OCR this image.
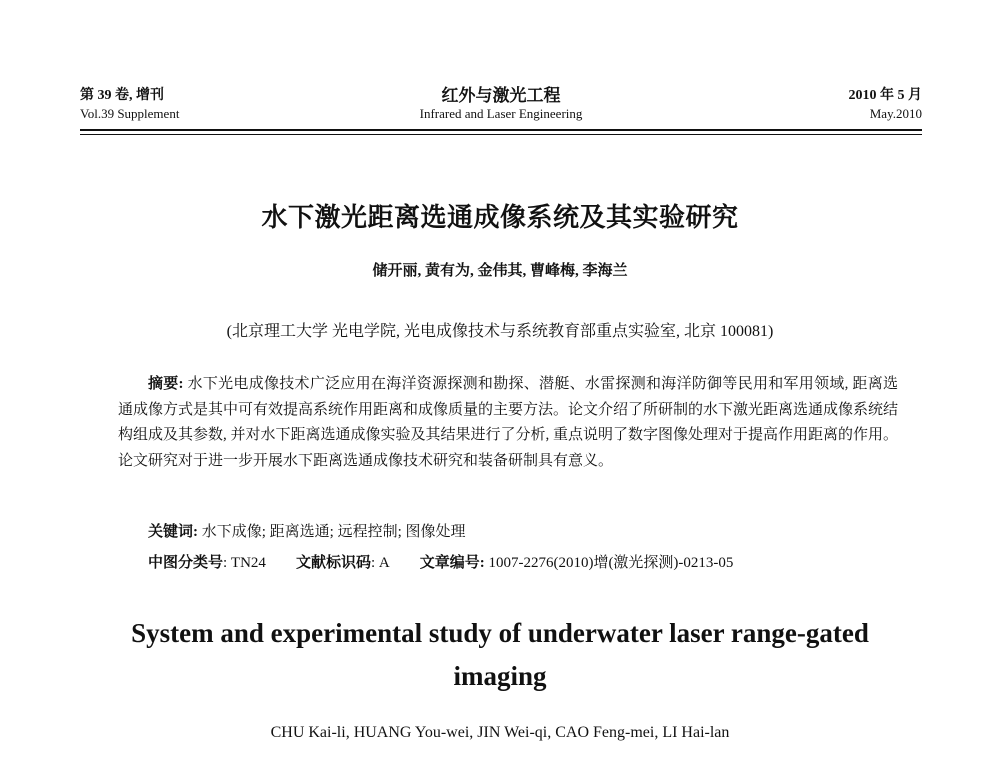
第 39 卷, 增刊
Vol.39 Supplement
红外与激光工程
Infrared and Laser Engineering
2010 年 5 月
May.2010
水下激光距离选通成像系统及其实验研究
储开丽, 黄有为, 金伟其, 曹峰梅, 李海兰
(北京理工大学 光电学院, 光电成像技术与系统教育部重点实验室, 北京 100081)
摘要: 水下光电成像技术广泛应用在海洋资源探测和勘探、潜艇、水雷探测和海洋防御等民用和军用领域, 距离选通成像方式是其中可有效提高系统作用距离和成像质量的主要方法。论文介绍了所研制的水下激光距离选通成像系统结构组成及其参数, 并对水下距离选通成像实验及其结果进行了分析, 重点说明了数字图像处理对于提高作用距离的作用。论文研究对于进一步开展水下距离选通成像技术研究和装备研制具有意义。
关键词: 水下成像; 距离选通; 远程控制; 图像处理
中图分类号: TN24 文献标识码: A 文章编号: 1007-2276(2010)增(激光探测)-0213-05
System and experimental study of underwater laser range-gated imaging
CHU Kai-li, HUANG You-wei, JIN Wei-qi, CAO Feng-mei, LI Hai-lan
